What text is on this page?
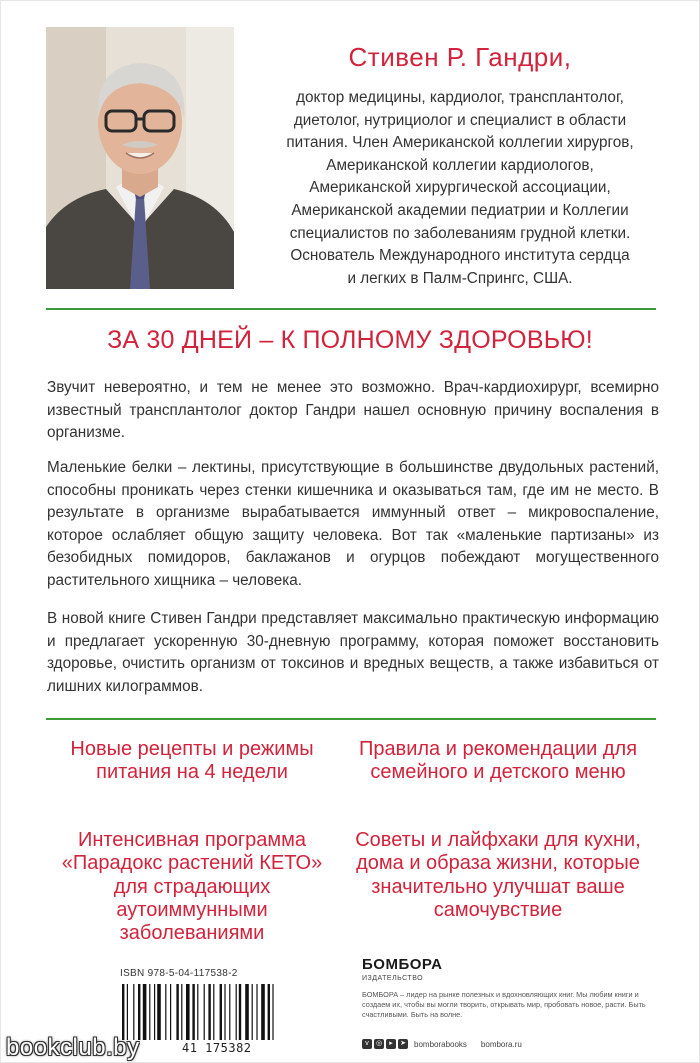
Стивен Р. Гандри,
доктор медицины, кардиолог, трансплантолог,
диетолог, нутрициолог и специалист в области
питания. Член Американской коллегии хирургов,
Американской коллегии кардиологов,
Американской хирургической ассоциации,
Американской академии педиатрии и Коллегии
специалистов по заболеваниям грудной клетки.
Основатель Международного института сердца
и легких в Палм-Спрингс, США.
ЗА 30 ДНЕЙ – К ПОЛНОМУ ЗДОРОВЬЮ!
Звучит невероятно, и тем не менее это возможно. Врач-кардиохирург, всемирно известный трансплантолог доктор Гандри нашел основную причину воспаления в организме.
Маленькие белки – лектины, присутствующие в большинстве двудольных растений, способны проникать через стенки кишечника и оказываться там, где им не место. В результате в организме вырабатывается иммунный ответ – микровоспаление, которое ослабляет общую защиту человека. Вот так «маленькие партизаны» из безобидных помидоров, баклажанов и огурцов побеждают могущественного растительного хищника – человека.
В новой книге Стивен Гандри представляет максимально практическую информацию и предлагает ускоренную 30-дневную программу, которая поможет восстановить здоровье, очистить организм от токсинов и вредных веществ, а также избавиться от лишних килограммов.
Новые рецепты и режимы питания на 4 недели
Правила и рекомендации для семейного и детского меню
Интенсивная программа «Парадокс растений КЕТО» для страдающих аутоиммунными заболеваниями
Советы и лайфхаки для кухни, дома и образа жизни, которые значительно улучшат ваше самочувствие
ISBN 978-5-04-117538-2
41 175382
bookclub.by
БОМБОРА
ИЗДАТЕЛЬСТВО
БОМБОРА – лидер на рынке полезных и вдохновляющих книг. Мы любим книги и создаем их, чтобы вы могли творить, открывать мир, пробовать новое, расти. Быть счастливыми. Быть на волне.
v	◎	▸	➤ bomborabooks bombora.ru
